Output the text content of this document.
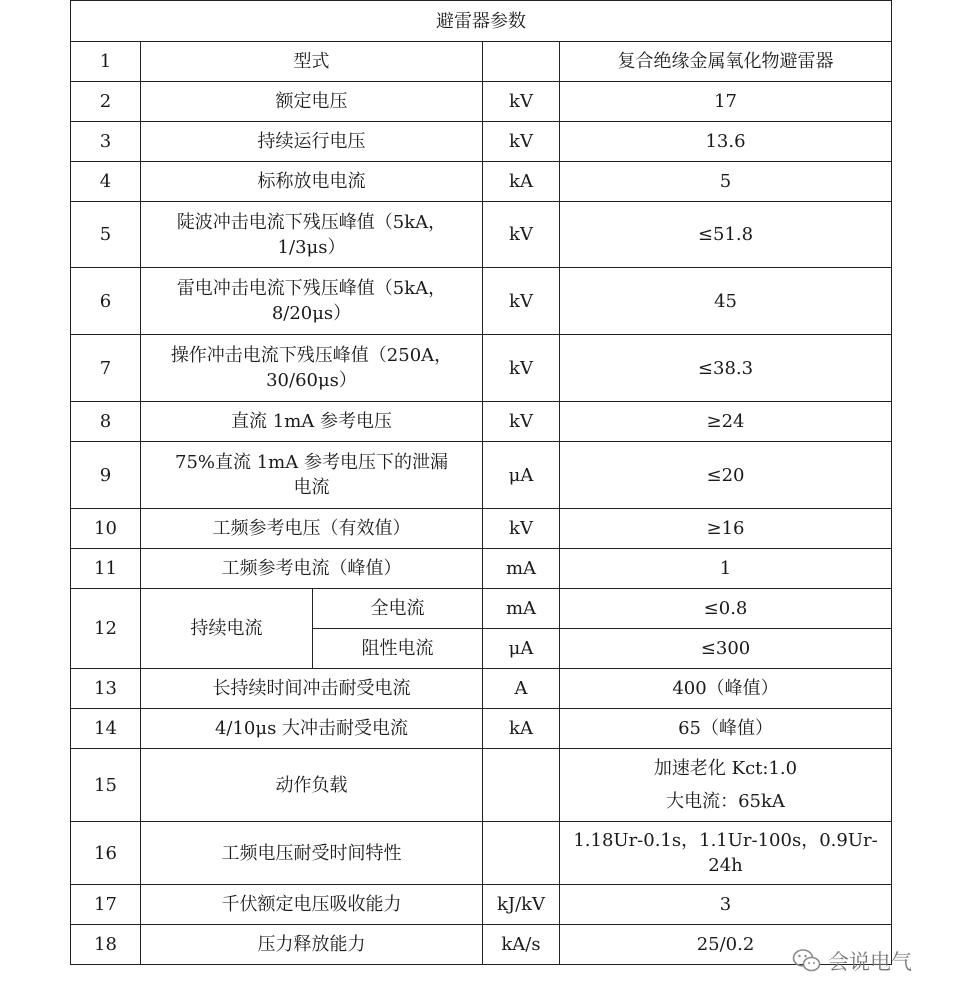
避雷器参数				
1	型式			复合绝缘金属氧化物避雷器
2	额定电压		kV	17
3	持续运行电压		kV	13.6
4	标称放电电流		kA	5
5	陡波冲击电流下残压峰值（5kA，
1/3μs）		kV	≤51.8
6	雷电冲击电流下残压峰值（5kA，
8/20μs）		kV	45
7	操作冲击电流下残压峰值（250A，
30/60μs）		kV	≤38.3
8	直流 1mA 参考电压		kV	≥24
9	75%直流 1mA 参考电压下的泄漏
电流		μA	≤20
10	工频参考电压（有效值）		kV	≥16
11	工频参考电流（峰值）		mA	1
12	持续电流	全电流	mA	≤0.8
		阻性电流	μA	≤300
13	长持续时间冲击耐受电流		A	400（峰值）
14	4/10μs 大冲击耐受电流		kA	65（峰值）
15	动作负载			加速老化 Kct:1.0
大电流：65kA

16	工频电压耐受时间特性			1.18Ur-0.1s，1.1Ur-100s，0.9Ur-
24h

17	千伏额定电压吸收能力		kJ/kV	3
18	压力释放能力		kA/s	25/0.2
会说电气
